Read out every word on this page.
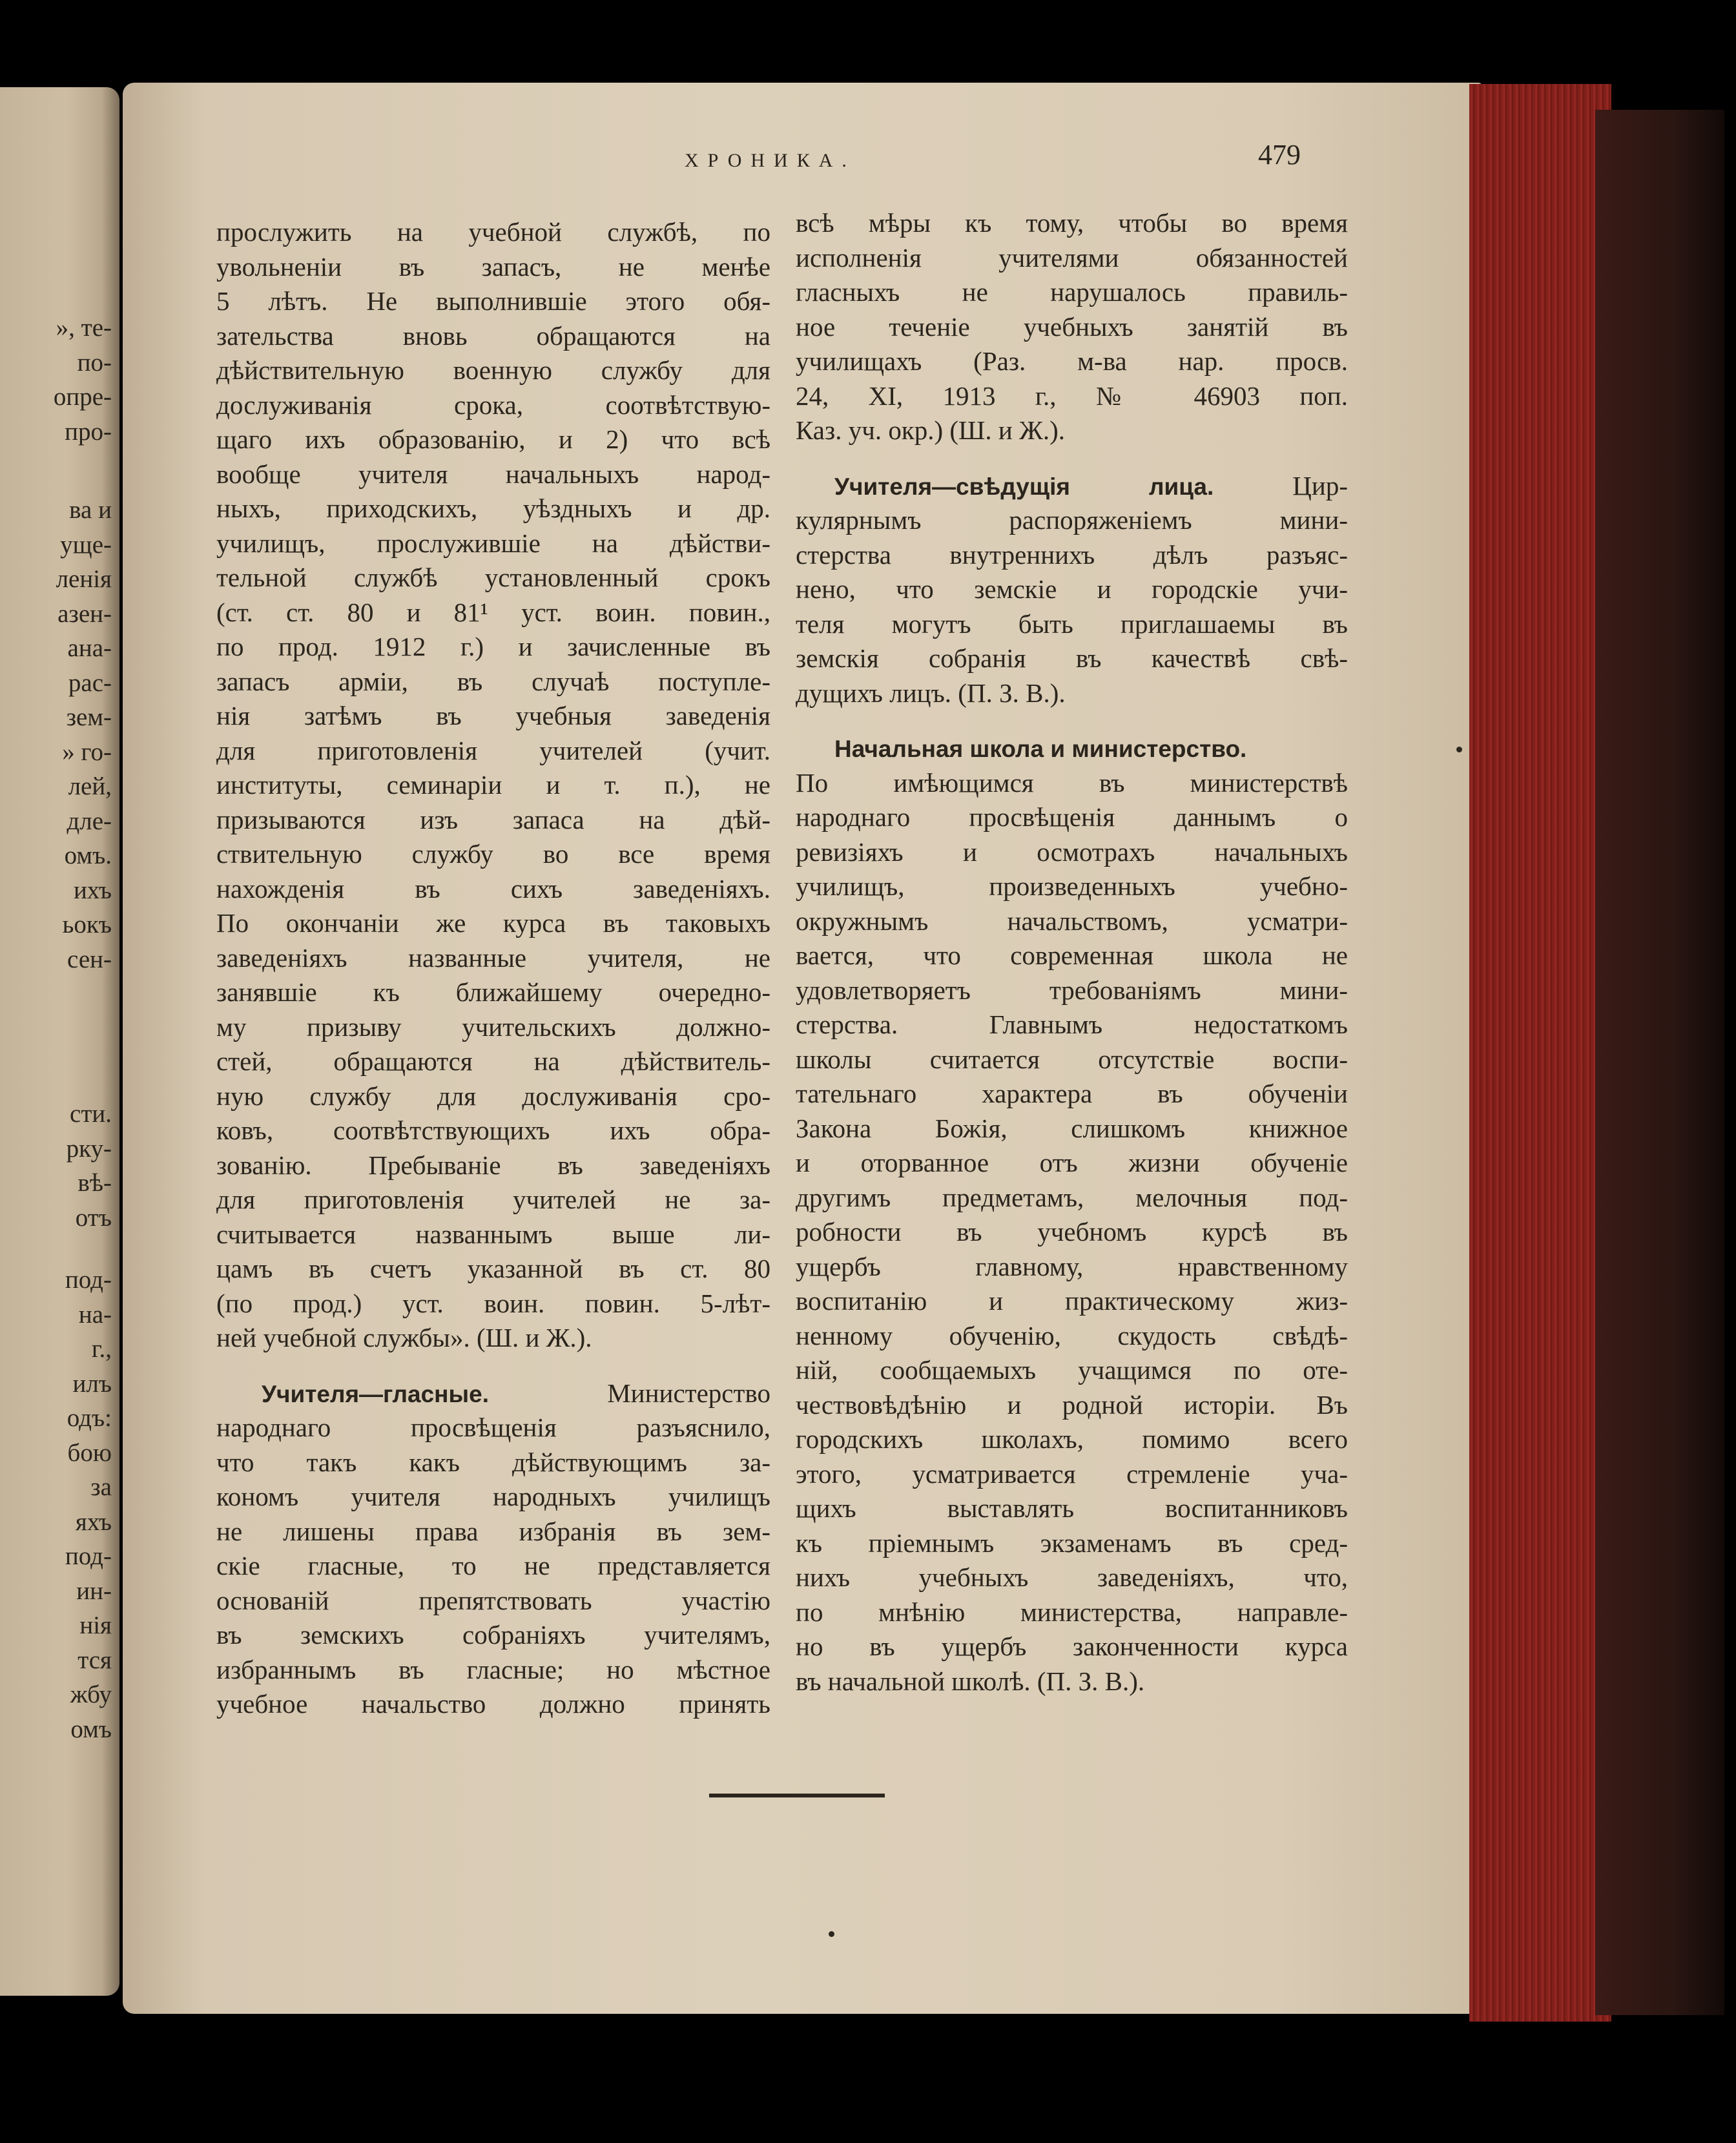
», те-

по-

опре-

про-

ва и

уще-

ленія

азен-

ана-

рас-

зем-

» го-

лей,

дле-

омъ.

ихъ

ьокъ

сен-

сти.

рку-

вѣ-

отъ

под-

на-

г.,

илъ

одъ:

бою

за

яхъ

под-

ин-

нія

тся

жбу

омъ

ХРОНИКА.	479

прослужить на учебной службѣ, по
увольненіи въ запасъ, не менѣе
5 лѣтъ. Не выполнившіе этого обя-
зательства вновь обращаются на
дѣйствительную военную службу для
дослуживанія срока, соотвѣтствую-
щаго ихъ образованію, и 2) что всѣ
вообще учителя начальныхъ народ-
ныхъ, приходскихъ, уѣздныхъ и др.
училищъ, прослужившіе на дѣйстви-
тельной службѣ установленный срокъ
(ст. ст. 80 и 81¹ уст. воин. повин.,
по прод. 1912 г.) и зачисленные въ
запасъ арміи, въ случаѣ поступле-
нія затѣмъ въ учебныя заведенія
для приготовленія учителей (учит.
институты, семинаріи и т. п.), не
призываются изъ запаса на дѣй-
ствительную службу во все время
нахожденія въ сихъ заведеніяхъ.
По окончаніи же курса въ таковыхъ
заведеніяхъ названные учителя, не
занявшіе къ ближайшему очередно-
му призыву учительскихъ должно-
стей, обращаются на дѣйствитель-
ную службу для дослуживанія сро-
ковъ, соотвѣтствующихъ ихъ обра-
зованію. Пребываніе въ заведеніяхъ
для приготовленія учителей не за-
считывается названнымъ выше ли-
цамъ въ счетъ указанной въ ст. 80
(по прод.) уст. воин. повин. 5-лѣт-
ней учебной службы». (Ш. и Ж.).
Учителя—гласные.	Министерство
народнаго просвѣщенія разъяснило,
что такъ какъ дѣйствующимъ за-
кономъ учителя народныхъ училищъ
не лишены права избранія въ зем-
скіе гласные, то не представляется
основаній препятствовать участію
въ земскихъ собраніяхъ учителямъ,
избраннымъ въ гласные; но мѣстное
учебное начальство должно принять
всѣ мѣры къ тому, чтобы во время
исполненія учителями обязанностей
гласныхъ не нарушалось правиль-
ное теченіе учебныхъ занятій въ
училищахъ (Раз. м-ва нар. просв.
24, XI, 1913 г., № 46903 поп.
Каз. уч. окр.) (Ш. и Ж.).
Учителя—свѣдущія лица.	Цир-
кулярнымъ распоряженіемъ мини-
стерства внутреннихъ дѣлъ разъяс-
нено, что земскіе и городскіе учи-
теля могутъ быть приглашаемы въ
земскія собранія въ качествѣ свѣ-
дущихъ лицъ. (П. З. В.).
Начальная школа и министерство.
По имѣющимся въ министерствѣ
народнаго просвѣщенія даннымъ о
ревизіяхъ и осмотрахъ начальныхъ
училищъ, произведенныхъ учебно-
окружнымъ начальствомъ, усматри-
вается, что современная школа не
удовлетворяетъ требованіямъ мини-
стерства. Главнымъ недостаткомъ
школы считается отсутствіе воспи-
тательнаго характера въ обученіи
Закона Божія, слишкомъ книжное
и оторванное отъ жизни обученіе
другимъ предметамъ, мелочныя под-
робности въ учебномъ курсѣ въ
ущербъ главному, нравственному
воспитанію и практическому жиз-
ненному обученію, скудость свѣдѣ-
ній, сообщаемыхъ учащимся по оте-
чествовѣдѣнію и родной исторіи. Въ
городскихъ школахъ, помимо всего
этого, усматривается стремленіе уча-
щихъ выставлять воспитанниковъ
къ пріемнымъ экзаменамъ въ сред-
нихъ учебныхъ заведеніяхъ, что,
по мнѣнію министерства, направле-
но въ ущербъ законченности курса
въ начальной школѣ. (П. З. В.).
